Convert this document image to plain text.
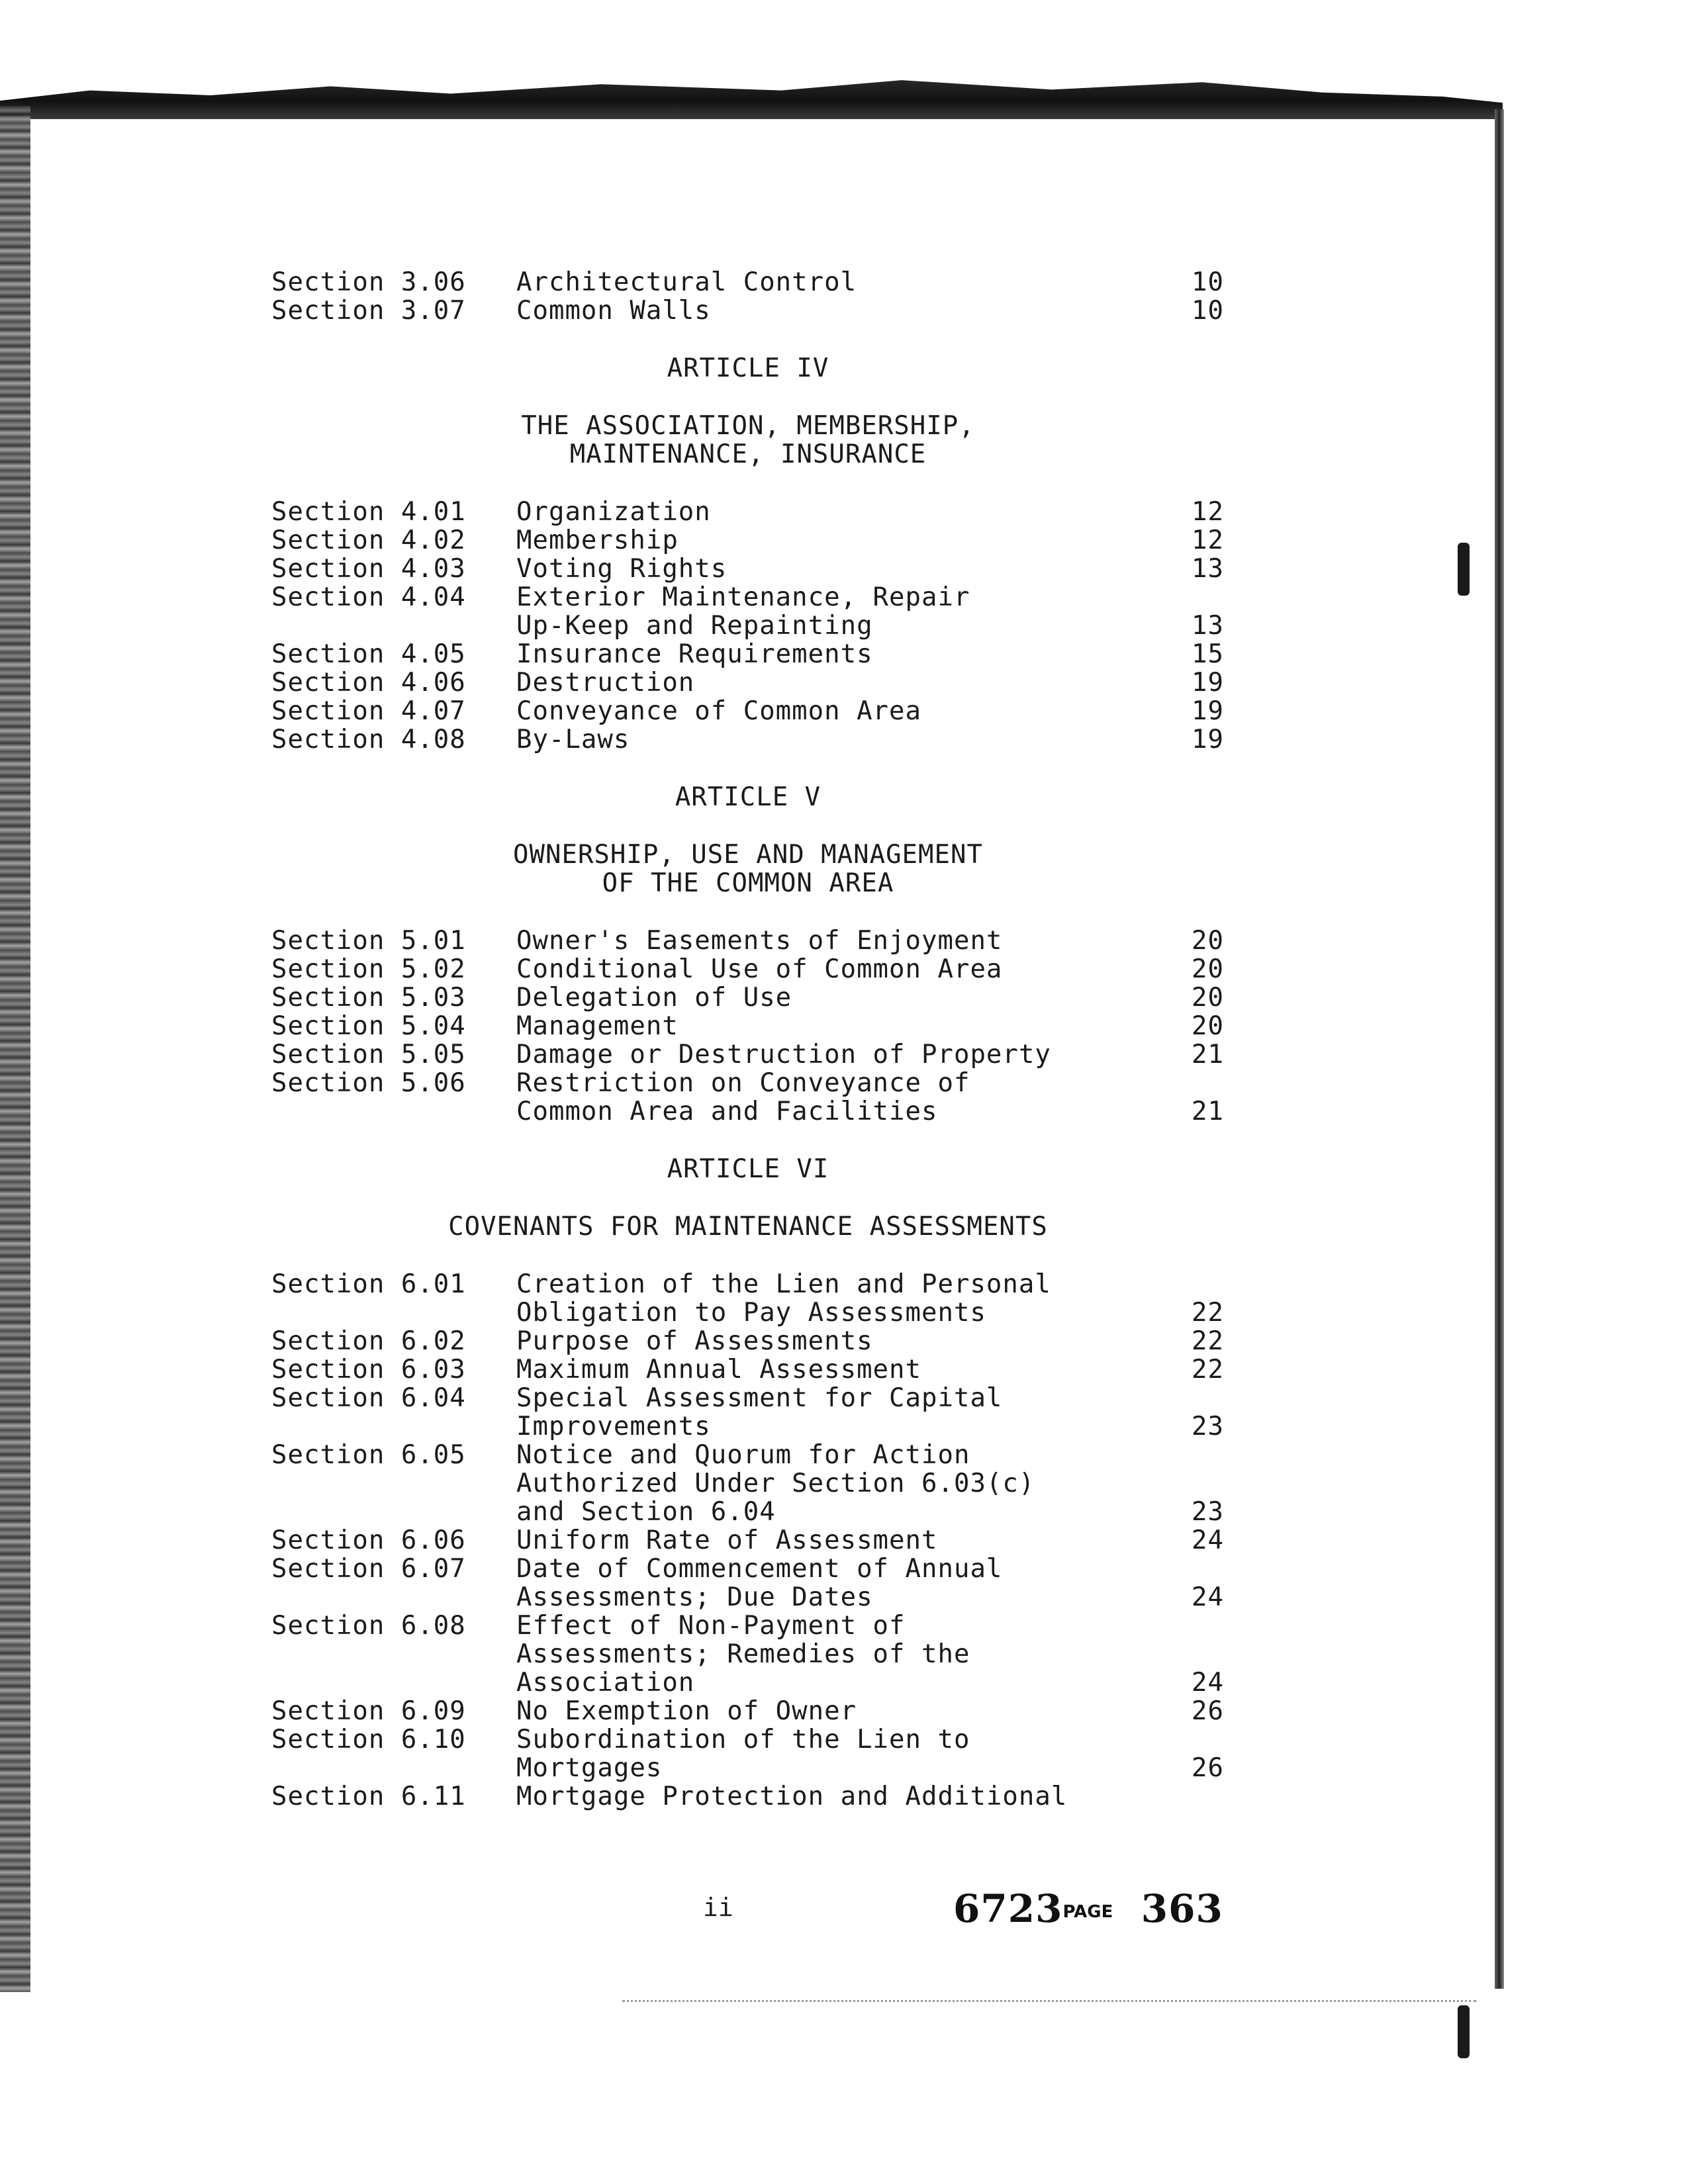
Section 3.06 Architectural Control	10
Section 3.07 Common Walls	10
ARTICLE IV
THE ASSOCIATION, MEMBERSHIP,
MAINTENANCE, INSURANCE
Section 4.01 Organization	12
Section 4.02 Membership	12
Section 4.03 Voting Rights	13
Section 4.04 Exterior Maintenance, Repair
Up-Keep and Repainting	13
Section 4.05 Insurance Requirements	15
Section 4.06 Destruction	19
Section 4.07 Conveyance of Common Area	19
Section 4.08 By-Laws	19
ARTICLE V
OWNERSHIP, USE AND MANAGEMENT
OF THE COMMON AREA
Section 5.01 Owner's Easements of Enjoyment	20
Section 5.02 Conditional Use of Common Area	20
Section 5.03 Delegation of Use	20
Section 5.04 Management	20
Section 5.05 Damage or Destruction of Property	21
Section 5.06 Restriction on Conveyance of
Common Area and Facilities	21
ARTICLE VI
COVENANTS FOR MAINTENANCE ASSESSMENTS
Section 6.01 Creation of the Lien and Personal
Obligation to Pay Assessments	22
Section 6.02 Purpose of Assessments	22
Section 6.03 Maximum Annual Assessment	22
Section 6.04 Special Assessment for Capital
Improvements	23
Section 6.05 Notice and Quorum for Action
Authorized Under Section 6.03(c)
and Section 6.04	23
Section 6.06 Uniform Rate of Assessment	24
Section 6.07 Date of Commencement of Annual
Assessments; Due Dates	24
Section 6.08 Effect of Non-Payment of
Assessments; Remedies of the
Association	24
Section 6.09 No Exemption of Owner	26
Section 6.10 Subordination of the Lien to
Mortgages	26
Section 6.11 Mortgage Protection and Additional
ii	6723PAGE 363
